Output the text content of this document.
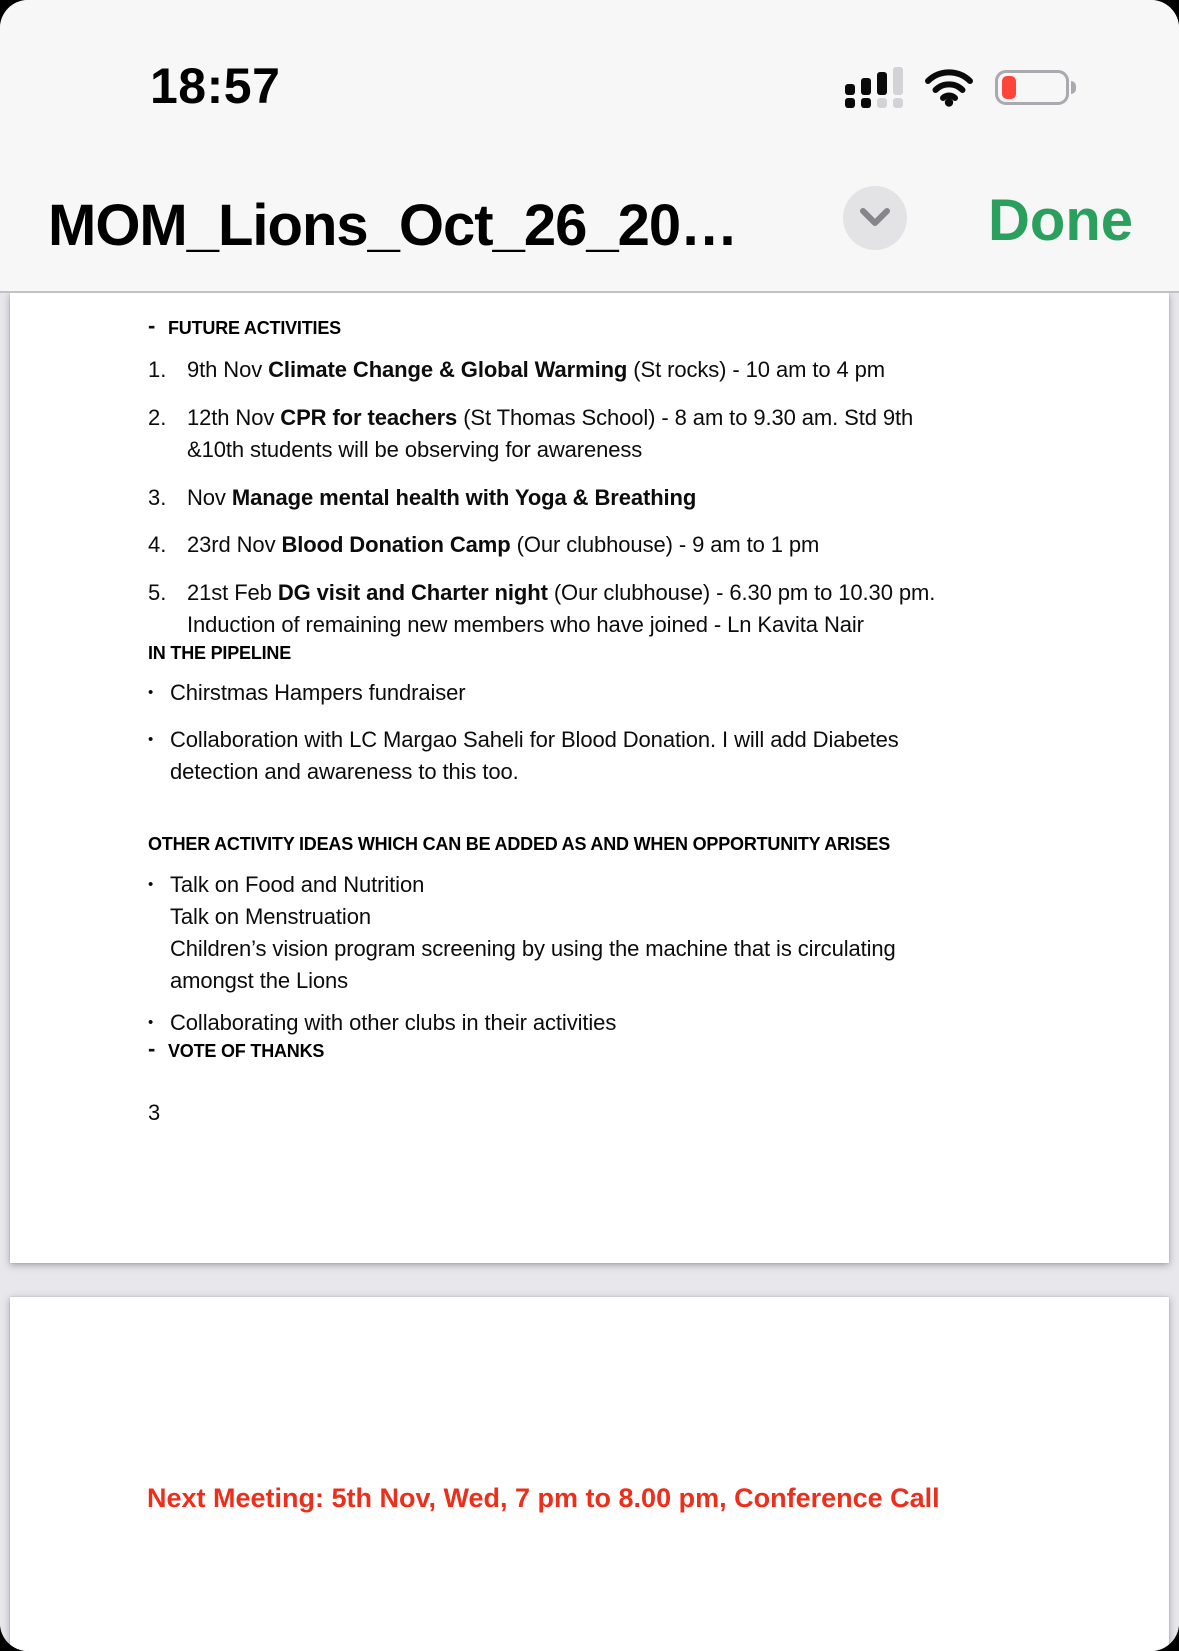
18:57
MOM_Lions_Oct_26_20…	Done
- FUTURE ACTIVITIES
1. 9th Nov Climate Change & Global Warming (St rocks) - 10 am to 4 pm
2. 12th Nov CPR for teachers (St Thomas School) - 8 am to 9.30 am. Std 9th
&10th students will be observing for awareness
3. Nov Manage mental health with Yoga & Breathing
4. 23rd Nov Blood Donation Camp (Our clubhouse) - 9 am to 1 pm
5. 21st Feb DG visit and Charter night (Our clubhouse) - 6.30 pm to 10.30 pm.
Induction of remaining new members who have joined - Ln Kavita Nair
IN THE PIPELINE
• Chirstmas Hampers fundraiser
• Collaboration with LC Margao Saheli for Blood Donation. I will add Diabetes
detection and awareness to this too.
OTHER ACTIVITY IDEAS WHICH CAN BE ADDED AS AND WHEN OPPORTUNITY ARISES
• Talk on Food and Nutrition
Talk on Menstruation
Children’s vision program screening by using the machine that is circulating
amongst the Lions
• Collaborating with other clubs in their activities
- VOTE OF THANKS
3
Next Meeting: 5th Nov, Wed, 7 pm to 8.00 pm, Conference Call
